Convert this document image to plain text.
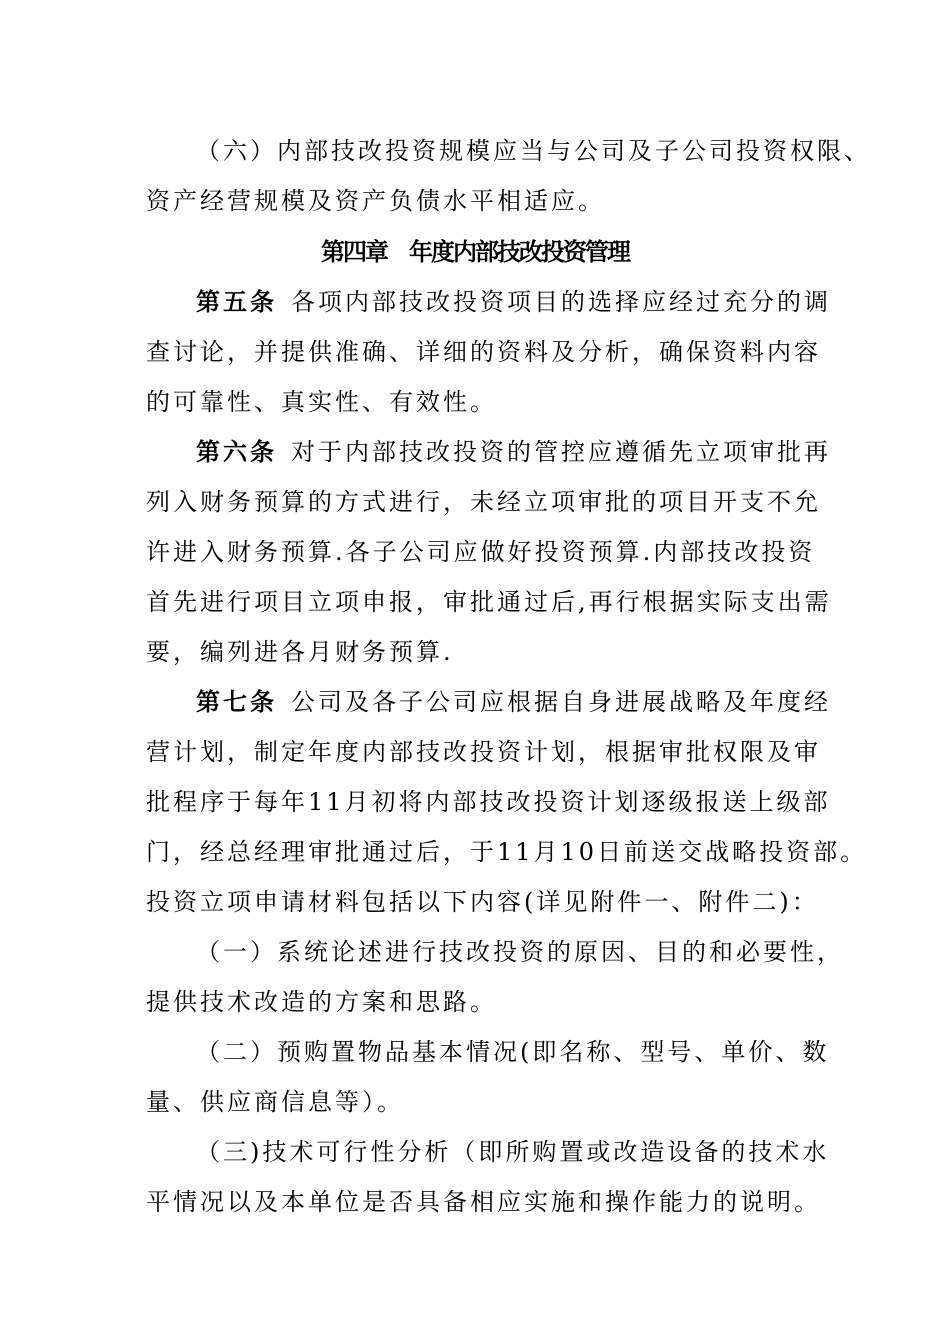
（六）内部技改投资规模应当与公司及子公司投资权限、
资产经营规模及资产负债水平相适应。
第四章　年度内部技改投资管理
第五条 各项内部技改投资项目的选择应经过充分的调
查讨论，并提供准确、详细的资料及分析，确保资料内容
的可靠性、真实性、有效性。
第六条 对于内部技改投资的管控应遵循先立项审批再
列入财务预算的方式进行，未经立项审批的项目开支不允
许进入财务预算.各子公司应做好投资预算.内部技改投资
首先进行项目立项申报，审批通过后,再行根据实际支出需
要，编列进各月财务预算.
第七条 公司及各子公司应根据自身进展战略及年度经
营计划，制定年度内部技改投资计划，根据审批权限及审
批程序于每年11月初将内部技改投资计划逐级报送上级部
门，经总经理审批通过后，于11月10日前送交战略投资部。
投资立项申请材料包括以下内容(详见附件一、附件二)：
（一）系统论述进行技改投资的原因、目的和必要性，
提供技术改造的方案和思路。
（二）预购置物品基本情况(即名称、型号、单价、数
量、供应商信息等）。
（三)技术可行性分析（即所购置或改造设备的技术水
平情况以及本单位是否具备相应实施和操作能力的说明。
